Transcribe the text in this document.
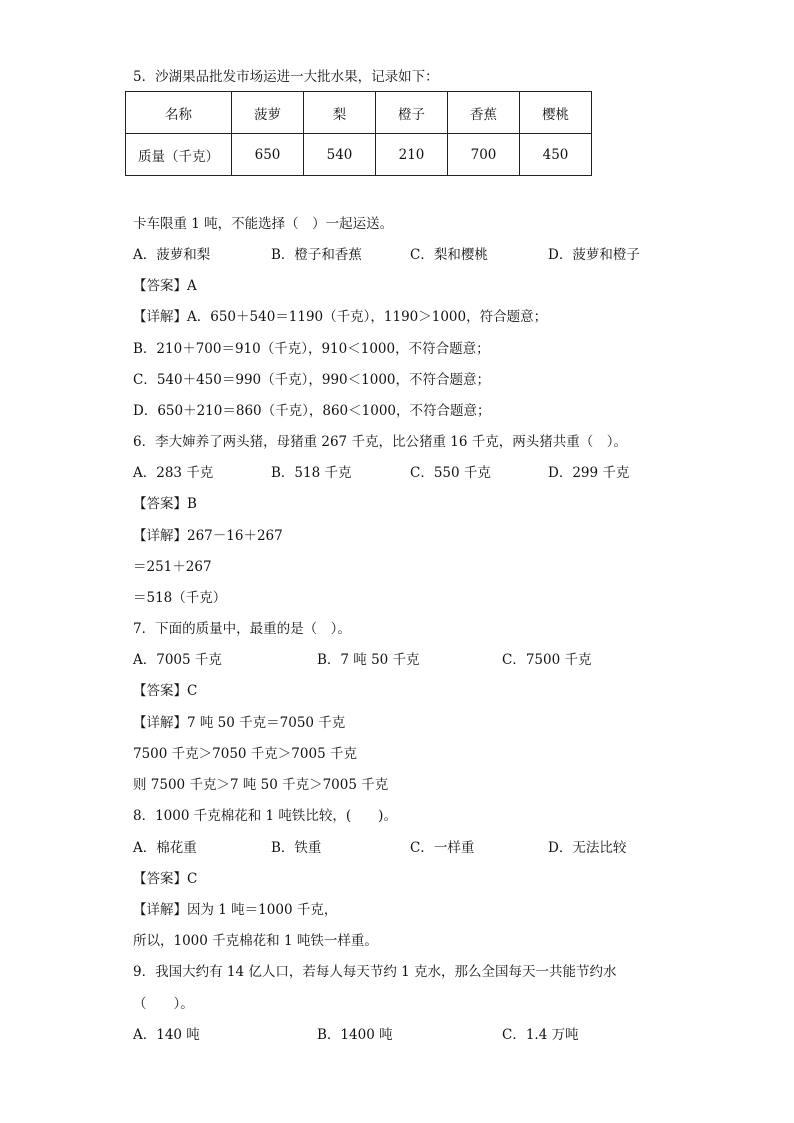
5．沙湖果品批发市场运进一大批水果，记录如下：
名称	菠萝	梨	橙子	香蕉	樱桃
质量（千克）	650	540	210	700	450
卡车限重 1 吨，不能选择（　）一起运送。
A．菠萝和梨	B．橙子和香蕉	C．梨和樱桃	D．菠萝和橙子
【答案】A
【详解】A．650＋540＝1190（千克），1190＞1000，符合题意；
B．210＋700＝910（千克），910＜1000，不符合题意；
C．540＋450＝990（千克），990＜1000，不符合题意；
D．650＋210＝860（千克），860＜1000，不符合题意；
6．李大婶养了两头猪，母猪重 267 千克，比公猪重 16 千克，两头猪共重（　）。
A．283 千克	B．518 千克	C．550 千克	D．299 千克
【答案】B
【详解】267－16＋267
＝251＋267
＝518（千克）
7．下面的质量中，最重的是（　）。
A．7005 千克	B．7 吨 50 千克	C．7500 千克
【答案】C
【详解】7 吨 50 千克＝7050 千克
7500 千克＞7050 千克＞7005 千克
则 7500 千克＞7 吨 50 千克＞7005 千克
8．1000 千克棉花和 1 吨铁比较，(　　)。
A．棉花重	B．铁重	C．一样重	D．无法比较
【答案】C
【详解】因为 1 吨＝1000 千克，
所以，1000 千克棉花和 1 吨铁一样重。
9．我国大约有 14 亿人口，若每人每天节约 1 克水，那么全国每天一共能节约水
（　　）。
A．140 吨	B．1400 吨	C．1.4 万吨
